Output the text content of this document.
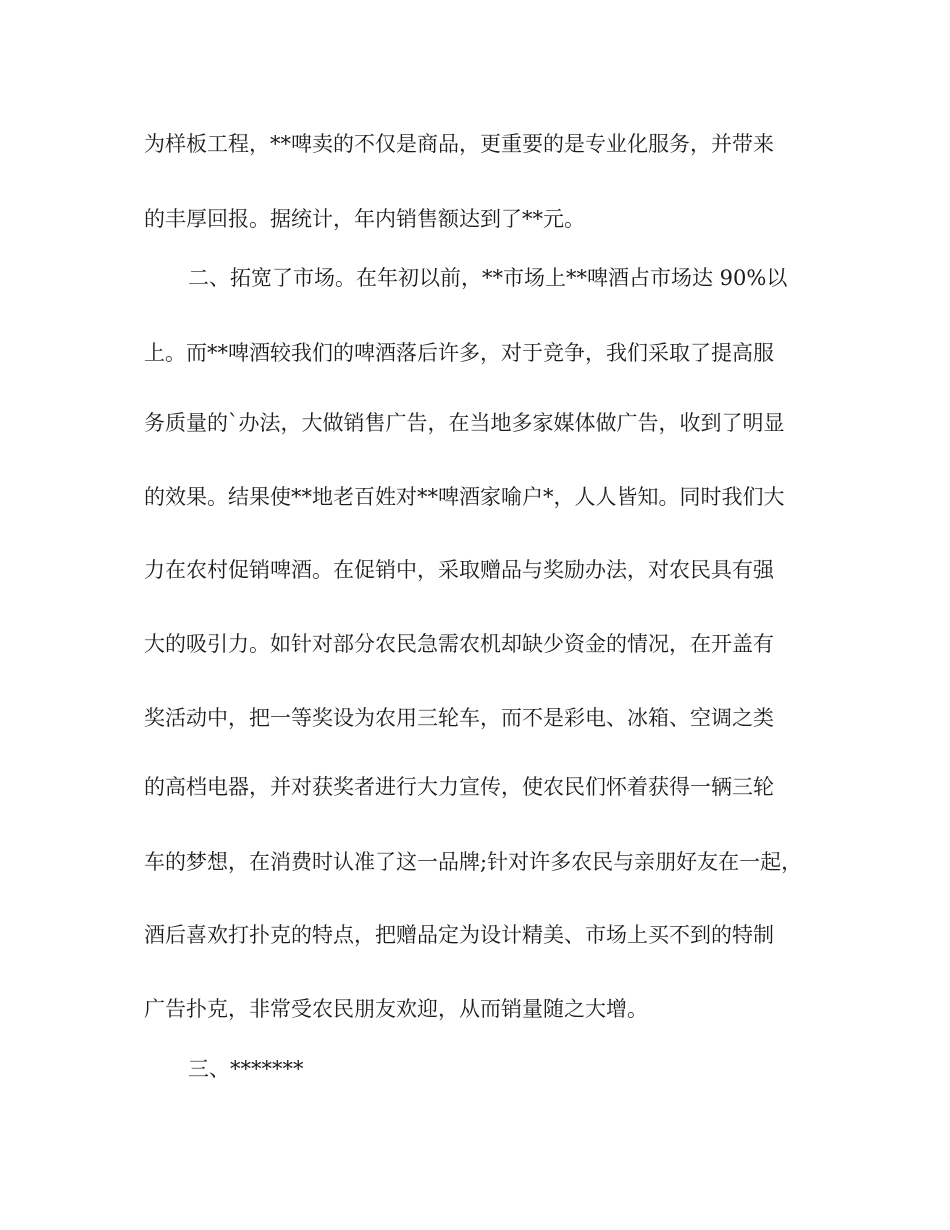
为样板工程，**啤卖的不仅是商品，更重要的是专业化服务，并带来

的丰厚回报。据统计，年内销售额达到了**元。

二、拓宽了市场。在年初以前，**市场上**啤酒占市场达 90%以

上。而**啤酒较我们的啤酒落后许多，对于竞争，我们采取了提高服

务质量的`办法，大做销售广告，在当地多家媒体做广告，收到了明显

的效果。结果使**地老百姓对**啤酒家喻户*，人人皆知。同时我们大

力在农村促销啤酒。在促销中，采取赠品与奖励办法，对农民具有强

大的吸引力。如针对部分农民急需农机却缺少资金的情况，在开盖有

奖活动中，把一等奖设为农用三轮车，而不是彩电、冰箱、空调之类

的高档电器，并对获奖者进行大力宣传，使农民们怀着获得一辆三轮

车的梦想，在消费时认准了这一品牌;针对许多农民与亲朋好友在一起，

酒后喜欢打扑克的特点，把赠品定为设计精美、市场上买不到的特制

广告扑克，非常受农民朋友欢迎，从而销量随之大增。

三、*******
